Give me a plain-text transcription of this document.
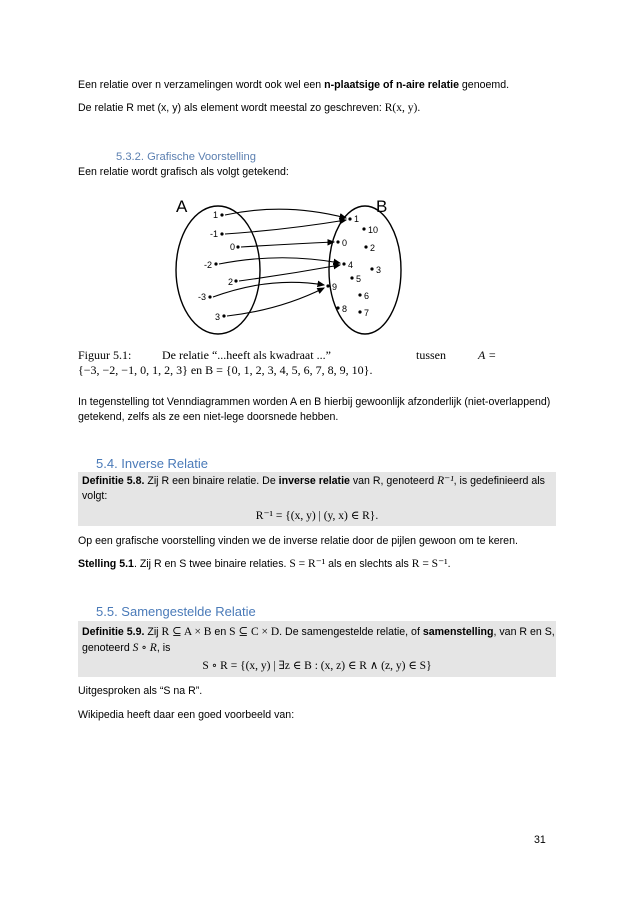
Een relatie over n verzamelingen wordt ook wel een n-plaatsige of n-aire relatie genoemd.
De relatie R met (x, y) als element wordt meestal zo geschreven: R(x, y).
5.3.2. Grafische Voorstelling
Een relatie wordt grafisch als volgt getekend:
A	B
1
-1
0
-2
2
-3
3
1
10
0	2
4	3
5
9
6
8 7
Figuur 5.1:	De relatie “...heeft als kwadraat ...”	tussen	A =
{−3, −2, −1, 0, 1, 2, 3} en B = {0, 1, 2, 3, 4, 5, 6, 7, 8, 9, 10}.
In tegenstelling tot Venndiagrammen worden A en B hierbij gewoonlijk afzonderlijk (niet-overlappend)
getekend, zelfs als ze een niet-lege doorsnede hebben.
5.4. Inverse Relatie
Definitie 5.8. Zij R een binaire relatie. De inverse relatie van R, genoteerd R⁻¹, is gedefinieerd als
volgt:
R⁻¹ = {(x, y) | (y, x) ∈ R}.
Op een grafische voorstelling vinden we de inverse relatie door de pijlen gewoon om te keren.
Stelling 5.1. Zij R en S twee binaire relaties. S = R⁻¹ als en slechts als R = S⁻¹.
5.5. Samengestelde Relatie
Definitie 5.9. Zij R ⊆ A × B en S ⊆ C × D. De samengestelde relatie, of samenstelling, van R en S,
genoteerd S ∘ R, is
S ∘ R = {(x, y) | ∃z ∈ B : (x, z) ∈ R ∧ (z, y) ∈ S}
Uitgesproken als “S na R”.
Wikipedia heeft daar een goed voorbeeld van:
31
